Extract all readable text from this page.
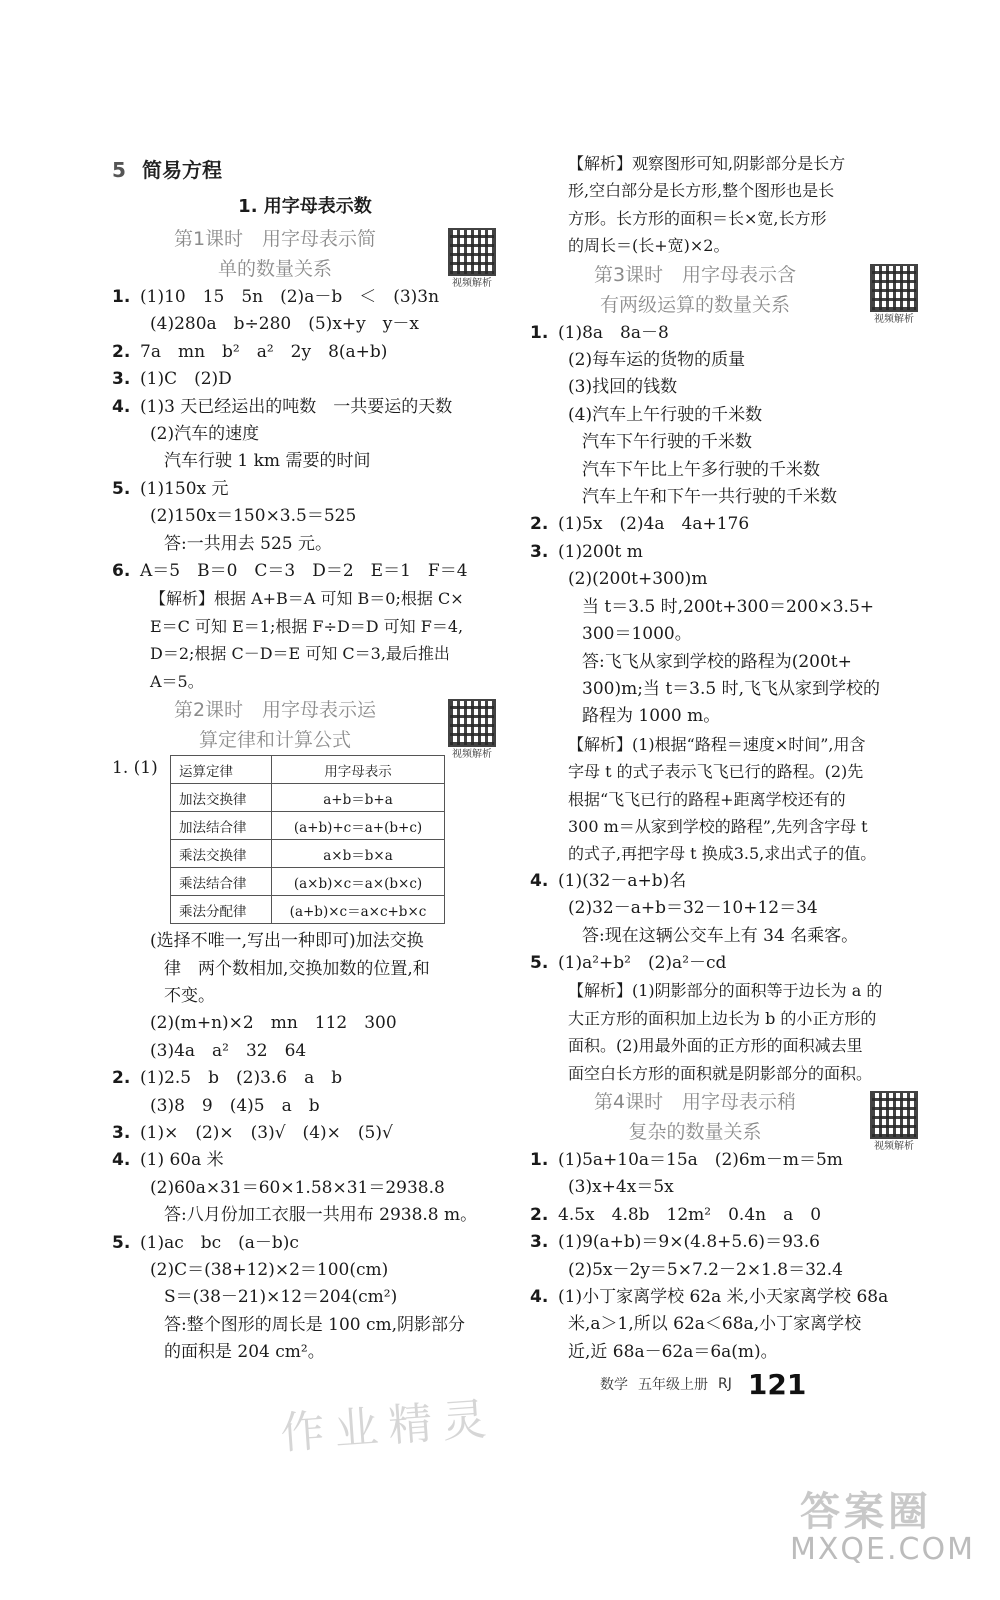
5 简易方程
1. 用字母表示数
第1课时　用字母表示简
单的数量关系
视频解析
1. (1)10　15　5n　(2)a－b　＜　(3)3n
(4)280a　b÷280　(5)x+y　y－x
2. 7a　mn　b²　a²　2y　8(a+b)
3. (1)C　(2)D
4. (1)3 天已经运出的吨数　一共要运的天数
(2)汽车的速度
汽车行驶 1 km 需要的时间
5. (1)150x 元
(2)150x＝150×3.5＝525
答:一共用去 525 元。
6. A＝5　B＝0　C＝3　D＝2　E＝1　F＝4
【解析】根据 A+B＝A 可知 B＝0;根据 C×
E＝C 可知 E＝1;根据 F÷D＝D 可知 F＝4,
D＝2;根据 C－D＝E 可知 C＝3,最后推出
A＝5。
第2课时　用字母表示运
算定律和计算公式
视频解析
1. (1)	运算定律	用字母表示
加法交换律	a+b＝b+a
加法结合律	(a+b)+c＝a+(b+c)
乘法交换律	a×b＝b×a
乘法结合律	(a×b)×c＝a×(b×c)
乘法分配律	(a+b)×c＝a×c+b×c
(选择不唯一,写出一种即可)加法交换
律　两个数相加,交换加数的位置,和
不变。
(2)(m+n)×2　mn　112　300
(3)4a　a²　32　64
2. (1)2.5　b　(2)3.6　a　b
(3)8　9　(4)5　a　b
3. (1)×　(2)×　(3)√　(4)×　(5)√
4. (1) 60a 米
(2)60a×31＝60×1.58×31＝2938.8
答:八月份加工衣服一共用布 2938.8 m。
5. (1)ac　bc　(a－b)c
(2)C＝(38+12)×2＝100(cm)
S＝(38－21)×12＝204(cm²)
答:整个图形的周长是 100 cm,阴影部分
的面积是 204 cm²。
作业精灵
【解析】观察图形可知,阴影部分是长方
形,空白部分是长方形,整个图形也是长
方形。长方形的面积＝长×宽,长方形
的周长＝(长+宽)×2。
第3课时　用字母表示含
有两级运算的数量关系
视频解析
1. (1)8a　8a－8
(2)每车运的货物的质量
(3)找回的钱数
(4)汽车上午行驶的千米数
汽车下午行驶的千米数
汽车下午比上午多行驶的千米数
汽车上午和下午一共行驶的千米数
2. (1)5x　(2)4a　4a+176
3. (1)200t m
(2)(200t+300)m
当 t＝3.5 时,200t+300＝200×3.5+
300＝1000。
答:飞飞从家到学校的路程为(200t+
300)m;当 t＝3.5 时,飞飞从家到学校的
路程为 1000 m。
【解析】(1)根据“路程＝速度×时间”,用含
字母 t 的式子表示飞飞已行的路程。(2)先
根据“飞飞已行的路程+距离学校还有的
300 m＝从家到学校的路程”,先列含字母 t
的式子,再把字母 t 换成3.5,求出式子的值。
4. (1)(32－a+b)名
(2)32－a+b＝32－10+12＝34
答:现在这辆公交车上有 34 名乘客。
5. (1)a²+b²　(2)a²－cd
【解析】(1)阴影部分的面积等于边长为 a 的
大正方形的面积加上边长为 b 的小正方形的
面积。(2)用最外面的正方形的面积减去里
面空白长方形的面积就是阴影部分的面积。
第4课时　用字母表示稍
复杂的数量关系
视频解析
1. (1)5a+10a＝15a　(2)6m－m＝5m
(3)x+4x＝5x
2. 4.5x　4.8b　12m²　0.4n　a　0
3. (1)9(a+b)＝9×(4.8+5.6)＝93.6
(2)5x－2y＝5×7.2－2×1.8＝32.4
4. (1)小丁家离学校 62a 米,小天家离学校 68a
米,a＞1,所以 62a＜68a,小丁家离学校
近,近 68a－62a＝6a(m)。
数学 五年级上册 RJ 121
答案圈
MXQE.COM
